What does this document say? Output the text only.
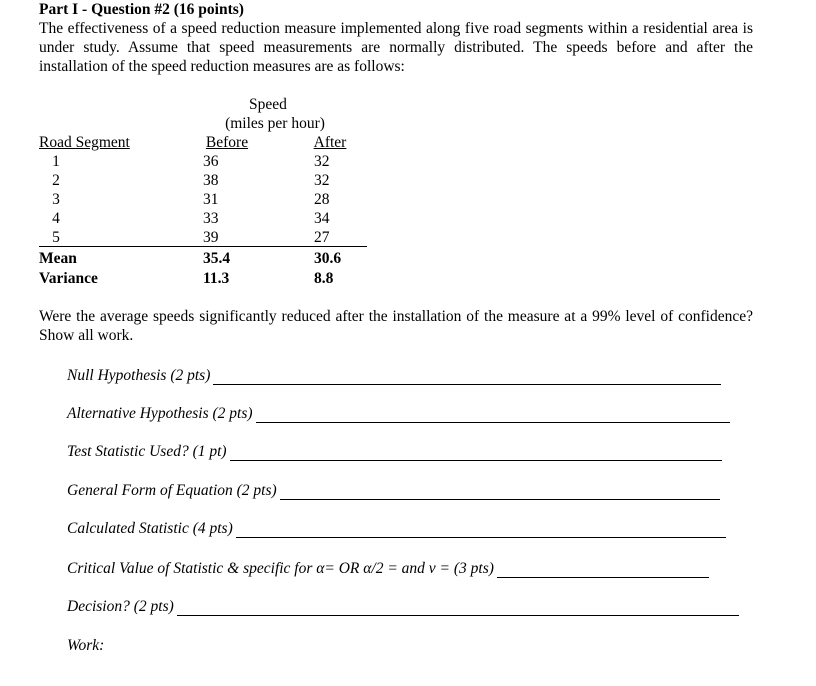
Part I - Question #2 (16 points)
The effectiveness of a speed reduction measure implemented along five road segments within a residential area is under study. Assume that speed measurements are normally distributed. The speeds before and after the installation of the speed reduction measures are as follows:
Speed
(miles per hour)
Road Segment	Before	After
1	36	32
2	38	32
3	31	28
4	33	34
5	39	27
Mean	35.4	30.6
Variance	11.3	8.8
Were the average speeds significantly reduced after the installation of the measure at a 99% level of confidence? Show all work.
Null Hypothesis (2 pts)
Alternative Hypothesis (2 pts)
Test Statistic Used? (1 pt)
General Form of Equation (2 pts)
Calculated Statistic (4 pts)
Critical Value of Statistic & specific for α= OR α/2 = and v = (3 pts)
Decision? (2 pts)
Work:
